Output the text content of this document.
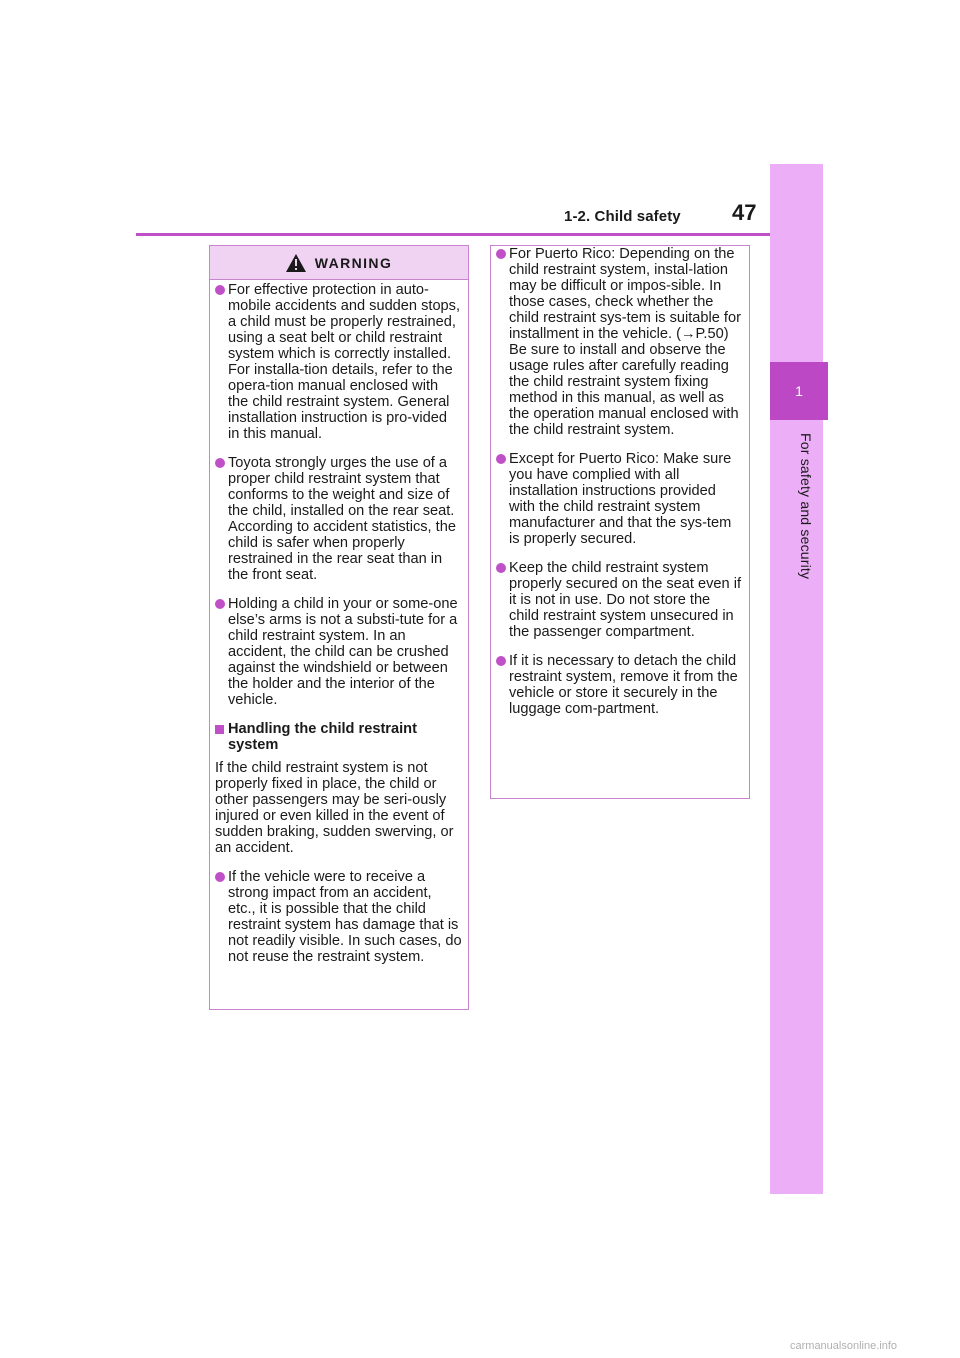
1-2. Child safety 47
1
For safety and security
WARNING
For effective protection in auto-mobile accidents and sudden stops, a child must be properly restrained, using a seat belt or child restraint system which is correctly installed. For installa-tion details, refer to the opera-tion manual enclosed with the child restraint system. General installation instruction is pro-vided in this manual.
Toyota strongly urges the use of a proper child restraint system that conforms to the weight and size of the child, installed on the rear seat. According to accident statistics, the child is safer when properly restrained in the rear seat than in the front seat.
Holding a child in your or some-one else’s arms is not a substi-tute for a child restraint system. In an accident, the child can be crushed against the windshield or between the holder and the interior of the vehicle.
Handling the child restraint system
If the child restraint system is not properly fixed in place, the child or other passengers may be seri-ously injured or even killed in the event of sudden braking, sudden swerving, or an accident.
If the vehicle were to receive a strong impact from an accident, etc., it is possible that the child restraint system has damage that is not readily visible. In such cases, do not reuse the restraint system.
For Puerto Rico: Depending on the child restraint system, instal-lation may be difficult or impos-sible. In those cases, check whether the child restraint sys-tem is suitable for installment in the vehicle. (→P.50) Be sure to install and observe the usage rules after carefully reading the child restraint system fixing method in this manual, as well as the operation manual enclosed with the child restraint system.
Except for Puerto Rico: Make sure you have complied with all installation instructions provided with the child restraint system manufacturer and that the sys-tem is properly secured.
Keep the child restraint system properly secured on the seat even if it is not in use. Do not store the child restraint system unsecured in the passenger compartment.
If it is necessary to detach the child restraint system, remove it from the vehicle or store it securely in the luggage com-partment.
carmanualsonline.info
